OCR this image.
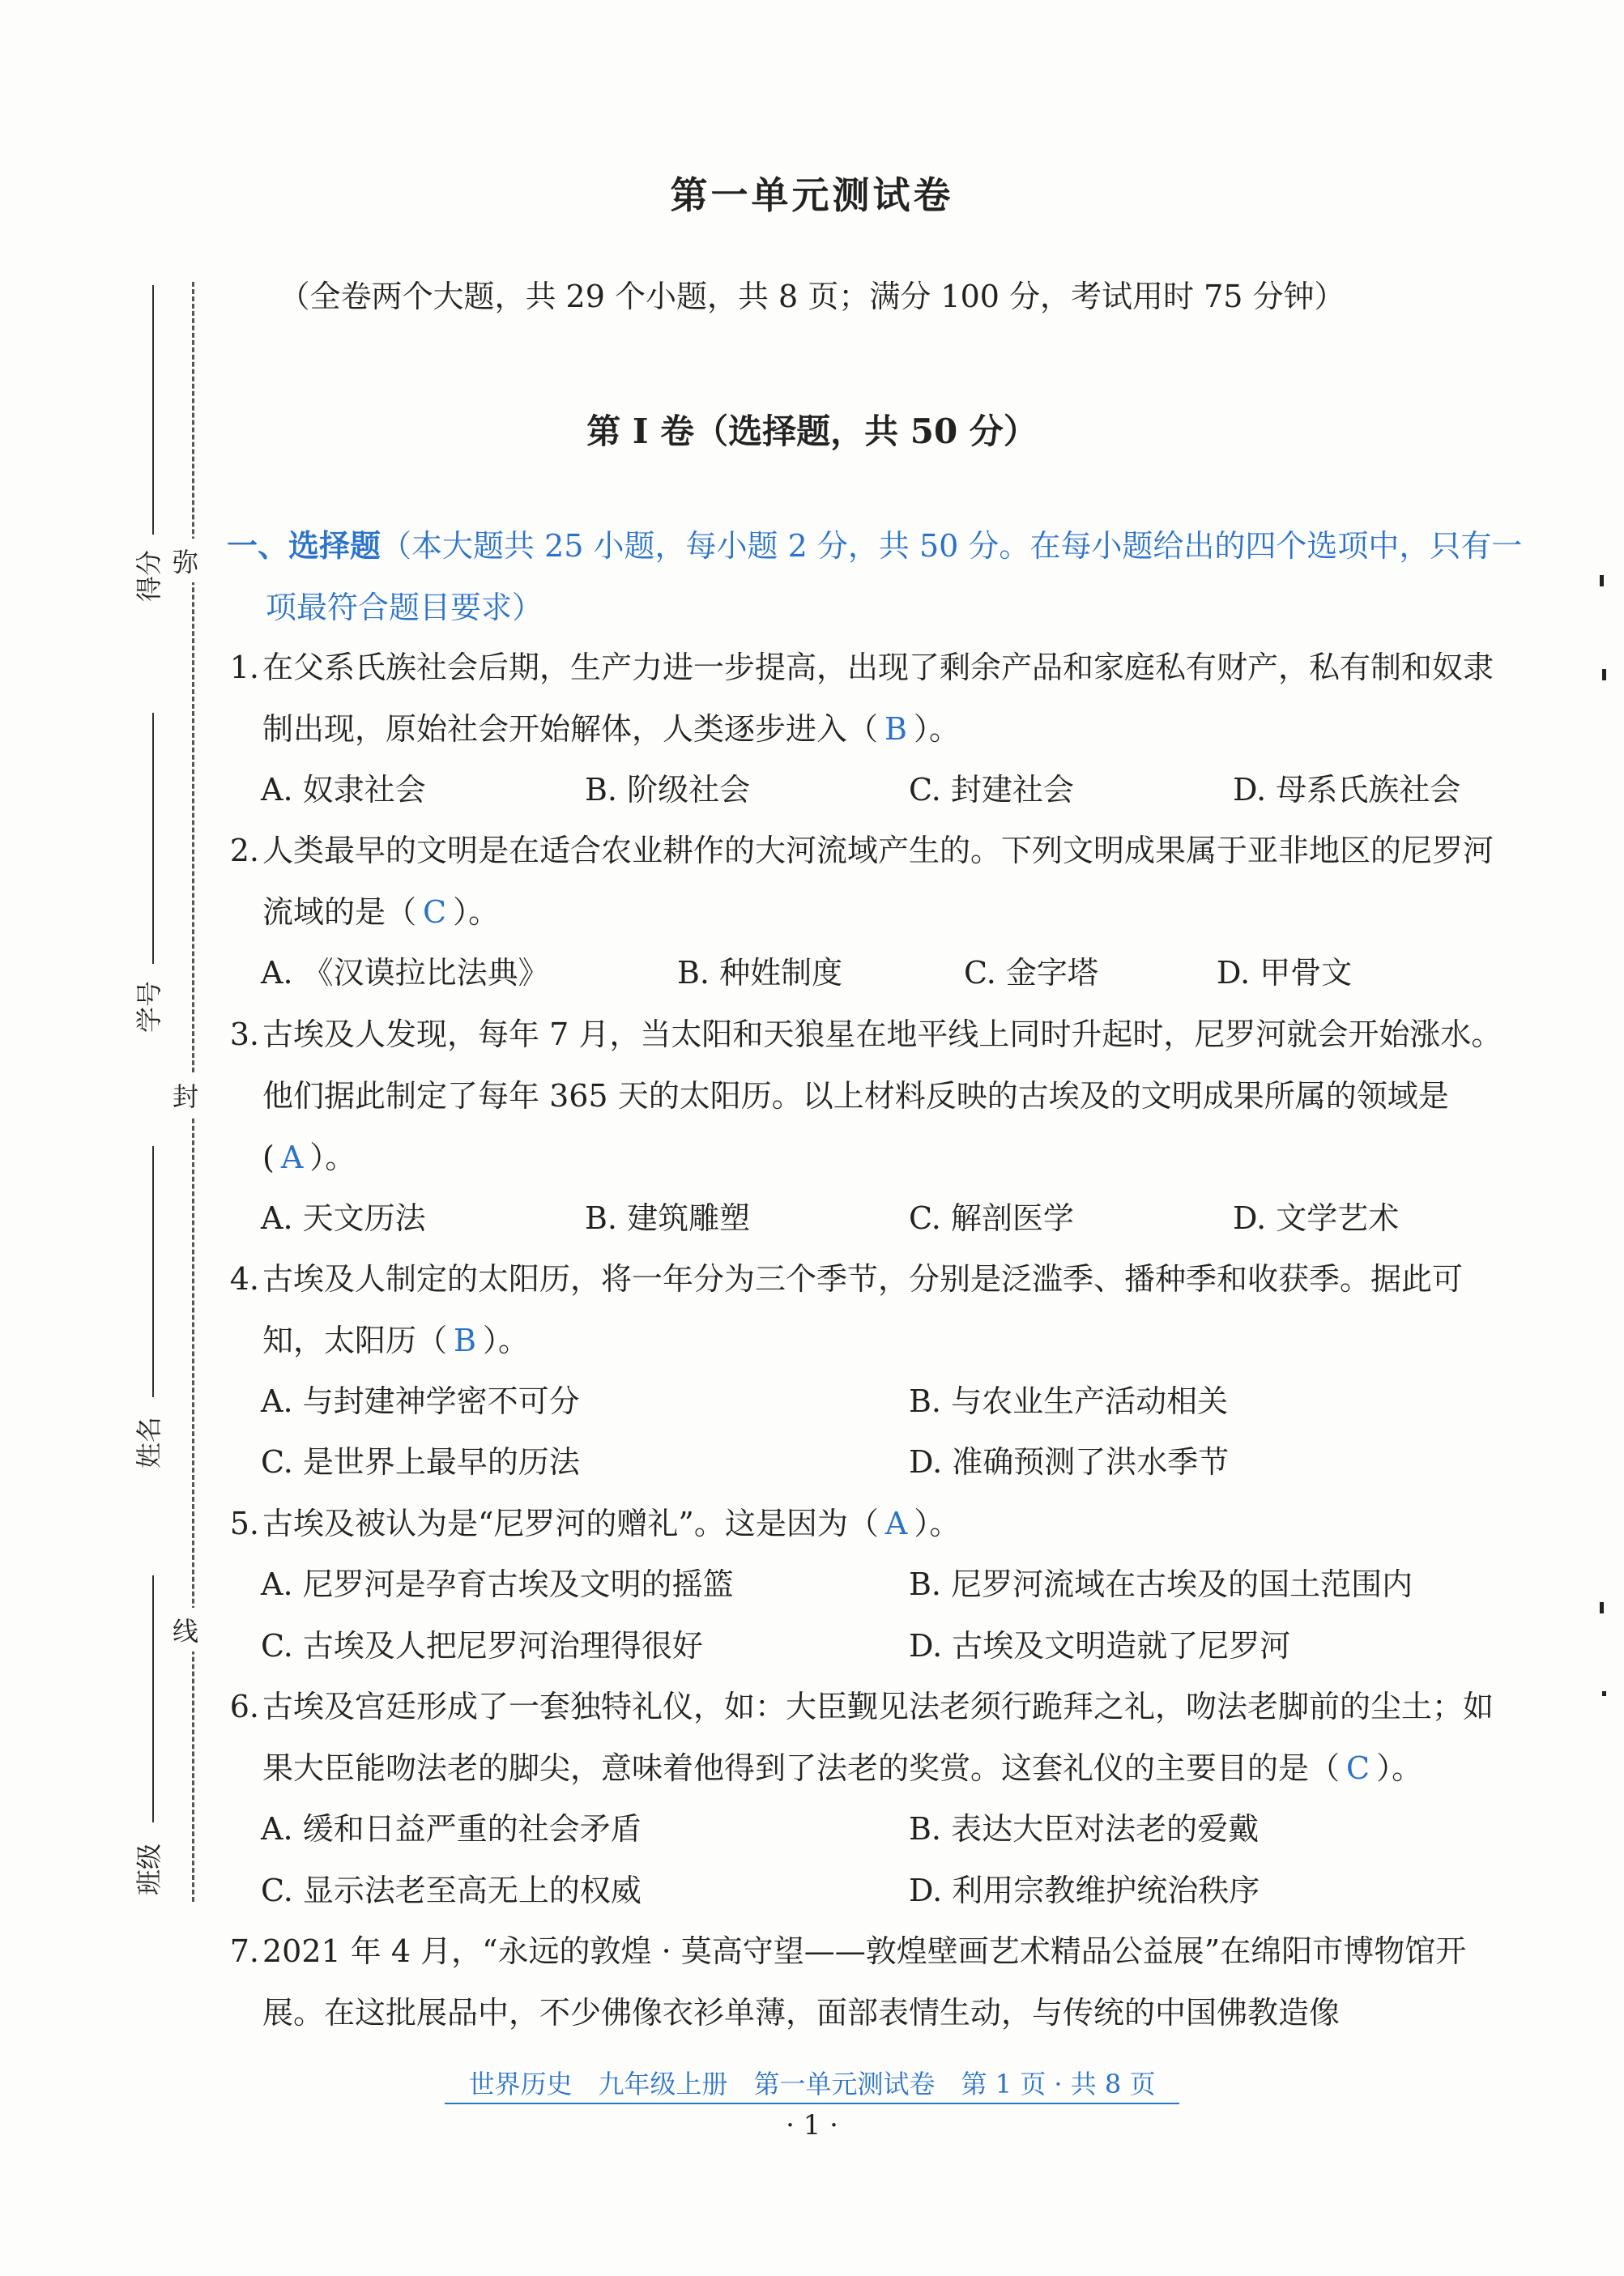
得分
学号
姓名
班级
弥
封
线
第一单元测试卷
（全卷两个大题，共 29 个小题，共 8 页；满分 100 分，考试用时 75 分钟）
第 Ⅰ 卷（选择题，共 50 分）
一、选择题（本大题共 25 小题，每小题 2 分，共 50 分。在每小题给出的四个选项中，只有一项最符合题目要求）
1. 在父系氏族社会后期，生产力进一步提高，出现了剩余产品和家庭私有财产，私有制和奴隶制出现，原始社会开始解体，人类逐步进入（ B ）。
A. 奴隶社会	B. 阶级社会	C. 封建社会	D. 母系氏族社会
2. 人类最早的文明是在适合农业耕作的大河流域产生的。下列文明成果属于亚非地区的尼罗河流域的是（ C ）。
A. 《汉谟拉比法典》	B. 种姓制度	C. 金字塔	D. 甲骨文
3. 古埃及人发现，每年 7 月，当太阳和天狼星在地平线上同时升起时，尼罗河就会开始涨水。他们据此制定了每年 365 天的太阳历。以上材料反映的古埃及的文明成果所属的领域是( A ）。
A. 天文历法	B. 建筑雕塑	C. 解剖医学	D. 文学艺术
4. 古埃及人制定的太阳历，将一年分为三个季节，分别是泛滥季、播种季和收获季。据此可知，太阳历（ B ）。
A. 与封建神学密不可分	B. 与农业生产活动相关
C. 是世界上最早的历法	D. 准确预测了洪水季节
5. 古埃及被认为是“尼罗河的赠礼”。这是因为（ A ）。
A. 尼罗河是孕育古埃及文明的摇篮	B. 尼罗河流域在古埃及的国土范围内
C. 古埃及人把尼罗河治理得很好	D. 古埃及文明造就了尼罗河
6. 古埃及宫廷形成了一套独特礼仪，如：大臣觐见法老须行跪拜之礼，吻法老脚前的尘土；如果大臣能吻法老的脚尖，意味着他得到了法老的奖赏。这套礼仪的主要目的是（ C ）。
A. 缓和日益严重的社会矛盾	B. 表达大臣对法老的爱戴
C. 显示法老至高无上的权威	D. 利用宗教维护统治秩序
7. 2021 年 4 月，“永远的敦煌 · 莫高守望——敦煌壁画艺术精品公益展”在绵阳市博物馆开展。在这批展品中，不少佛像衣衫单薄，面部表情生动，与传统的中国佛教造像
世界历史　九年级上册　第一单元测试卷　第 1 页 · 共 8 页
· 1 ·
